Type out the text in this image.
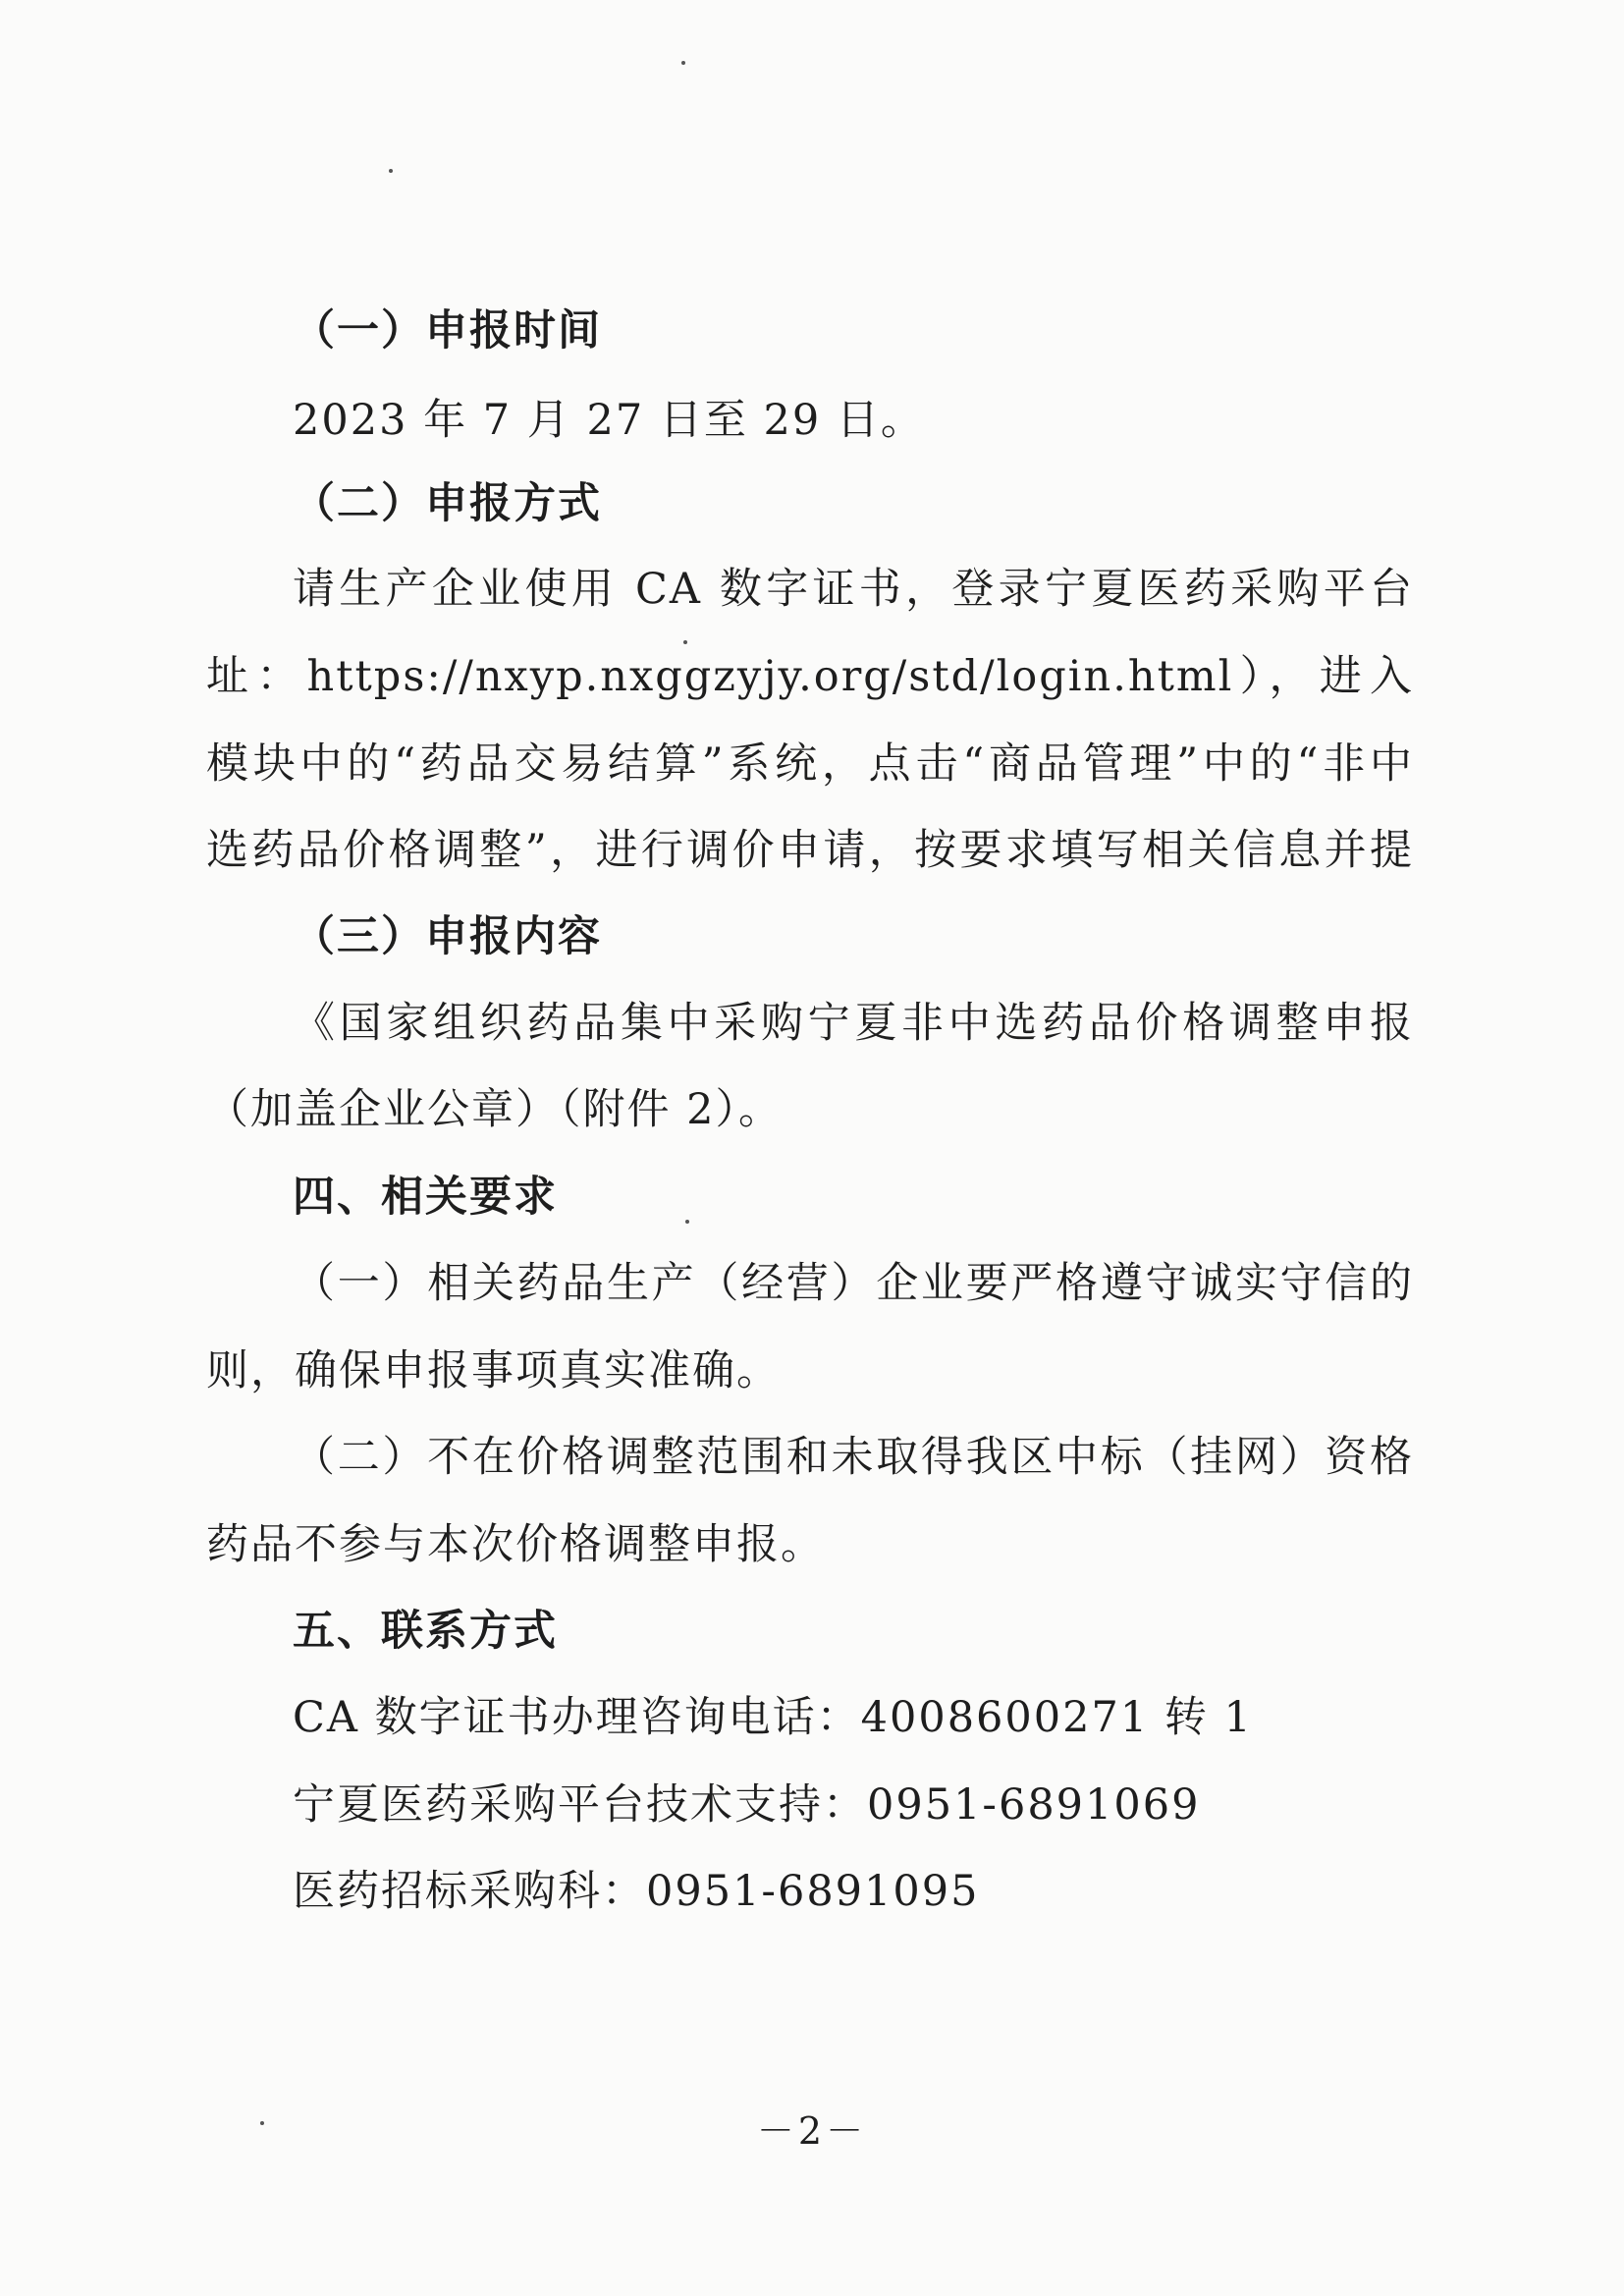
（一）申报时间
2023 年 7 月 27 日至 29 日。
（二）申报方式
请生产企业使用 CA 数字证书，登录宁夏医药采购平台
址：https://nxyp.nxggzyjy.org/std/login.html），进入
模块中的“药品交易结算”系统，点击“商品管理”中的“非中
选药品价格调整”，进行调价申请，按要求填写相关信息并提
（三）申报内容
《国家组织药品集中采购宁夏非中选药品价格调整申报
（加盖企业公章）（附件 2）。
四、相关要求
（一）相关药品生产（经营）企业要严格遵守诚实守信的
则，确保申报事项真实准确。
（二）不在价格调整范围和未取得我区中标（挂网）资格
药品不参与本次价格调整申报。
五、联系方式
CA 数字证书办理咨询电话：4008600271 转 1
宁夏医药采购平台技术支持：0951-6891069
医药招标采购科：0951-6891095
－2－
